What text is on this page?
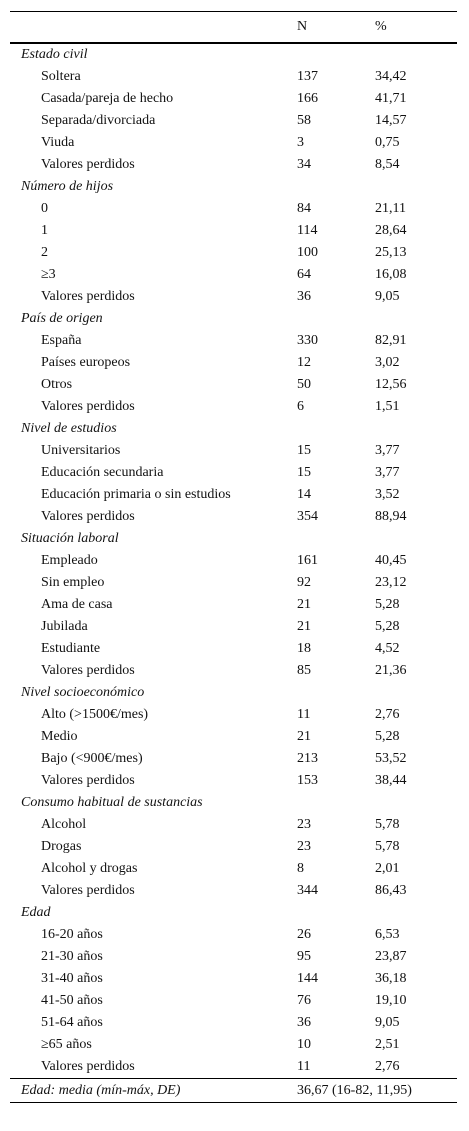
N	%
Estado civil
Soltera	137	34,42
Casada/pareja de hecho	166	41,71
Separada/divorciada	58	14,57
Viuda	3	0,75
Valores perdidos	34	8,54
Número de hijos
0	84	21,11
1	114	28,64
2	100	25,13
≥3	64	16,08
Valores perdidos	36	9,05
País de origen
España	330	82,91
Países europeos	12	3,02
Otros	50	12,56
Valores perdidos	6	1,51
Nivel de estudios
Universitarios	15	3,77
Educación secundaria	15	3,77
Educación primaria o sin estudios	14	3,52
Valores perdidos	354	88,94
Situación laboral
Empleado	161	40,45
Sin empleo	92	23,12
Ama de casa	21	5,28
Jubilada	21	5,28
Estudiante	18	4,52
Valores perdidos	85	21,36
Nivel socioeconómico
Alto (>1500€/mes)	11	2,76
Medio	21	5,28
Bajo (<900€/mes)	213	53,52
Valores perdidos	153	38,44
Consumo habitual de sustancias
Alcohol	23	5,78
Drogas	23	5,78
Alcohol y drogas	8	2,01
Valores perdidos	344	86,43
Edad
16-20 años	26	6,53
21-30 años	95	23,87
31-40 años	144	36,18
41-50 años	76	19,10
51-64 años	36	9,05
≥65 años	10	2,51
Valores perdidos	11	2,76
Edad: media (mín-máx, DE)	36,67 (16-82, 11,95)
